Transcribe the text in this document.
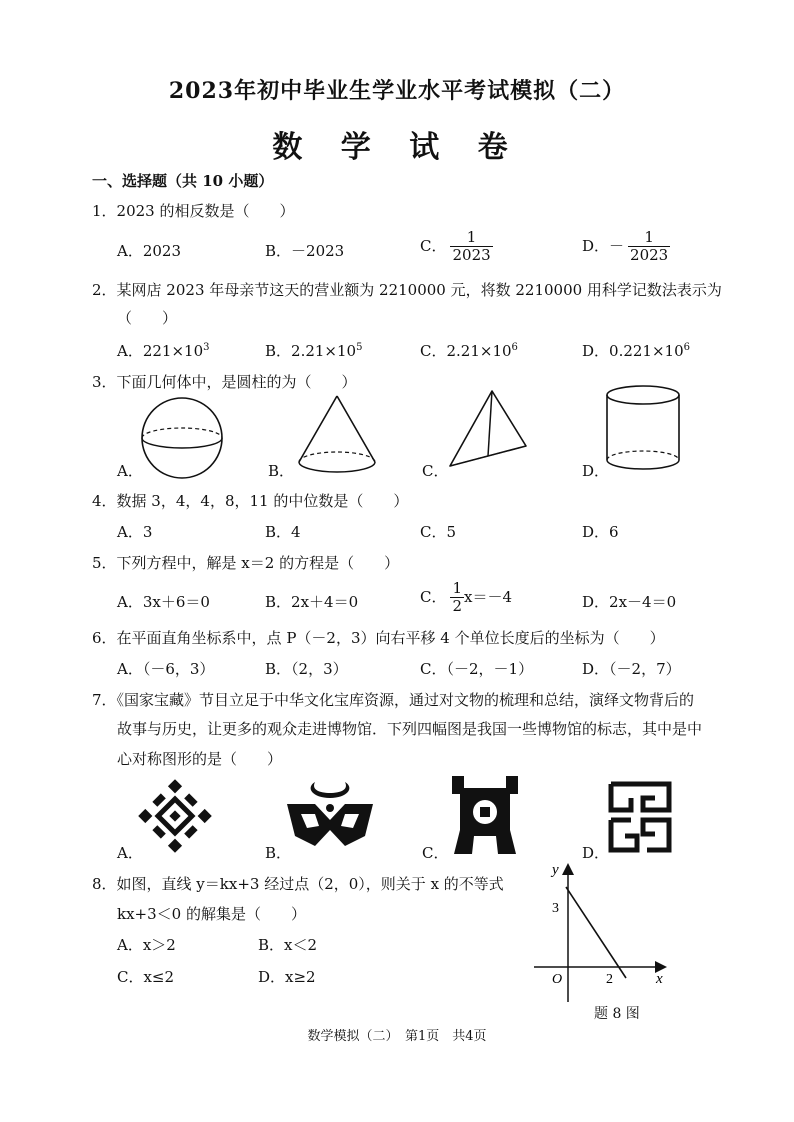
2023年初中毕业生学业水平考试模拟（二）
数 学 试 卷
一、选择题（共 10 小题）
1．2023 的相反数是（　　）
A．2023	B．－2023	C． $\frac{1}{2023}$	D．－ $\frac{1}{2023}$
2．某网店 2023 年母亲节这天的营业额为 2210000 元，将数 2210000 用科学记数法表示为
（　　）
A．$221\times 10^3$	B．$2.21\times 10^5$	C．$2.21\times 10^6$	D．$0.221\times 10^6$
3．下面几何体中，是圆柱的为（　　）
A．	B．	C．	D．
4．数据 3，4，4，8，11 的中位数是（　　）
A．3	B．4	C．5	D．6
5．下列方程中，解是 x＝2 的方程是（　　）
A．3x＋6＝0	B．2x＋4＝0	C． $\frac{1}{2} x=-4$	D．2x－4＝0
6．在平面直角坐标系中，点 P（－2，3）向右平移 4 个单位长度后的坐标为（　　）
A．（－6，3）	B．（2，3）	C．（－2，－1）	D．（－2，7）
7．《国家宝藏》节目立足于中华文化宝库资源，通过对文物的梳理和总结，演绎文物背后的
故事与历史，让更多的观众走进博物馆．下列四幅图是我国一些博物馆的标志，其中是中
心对称图形的是（　　）
A．	B．	C．	D．
8．如图，直线 y＝kx+3 经过点（2，0），则关于 x 的不等式
kx+3＜0 的解集是（　　）
A．x＞2	B．x＜2
C．x≤2	D．x≥2
y
x
O
3
2
题 8 图
数学模拟（二）　第1页　共4页
